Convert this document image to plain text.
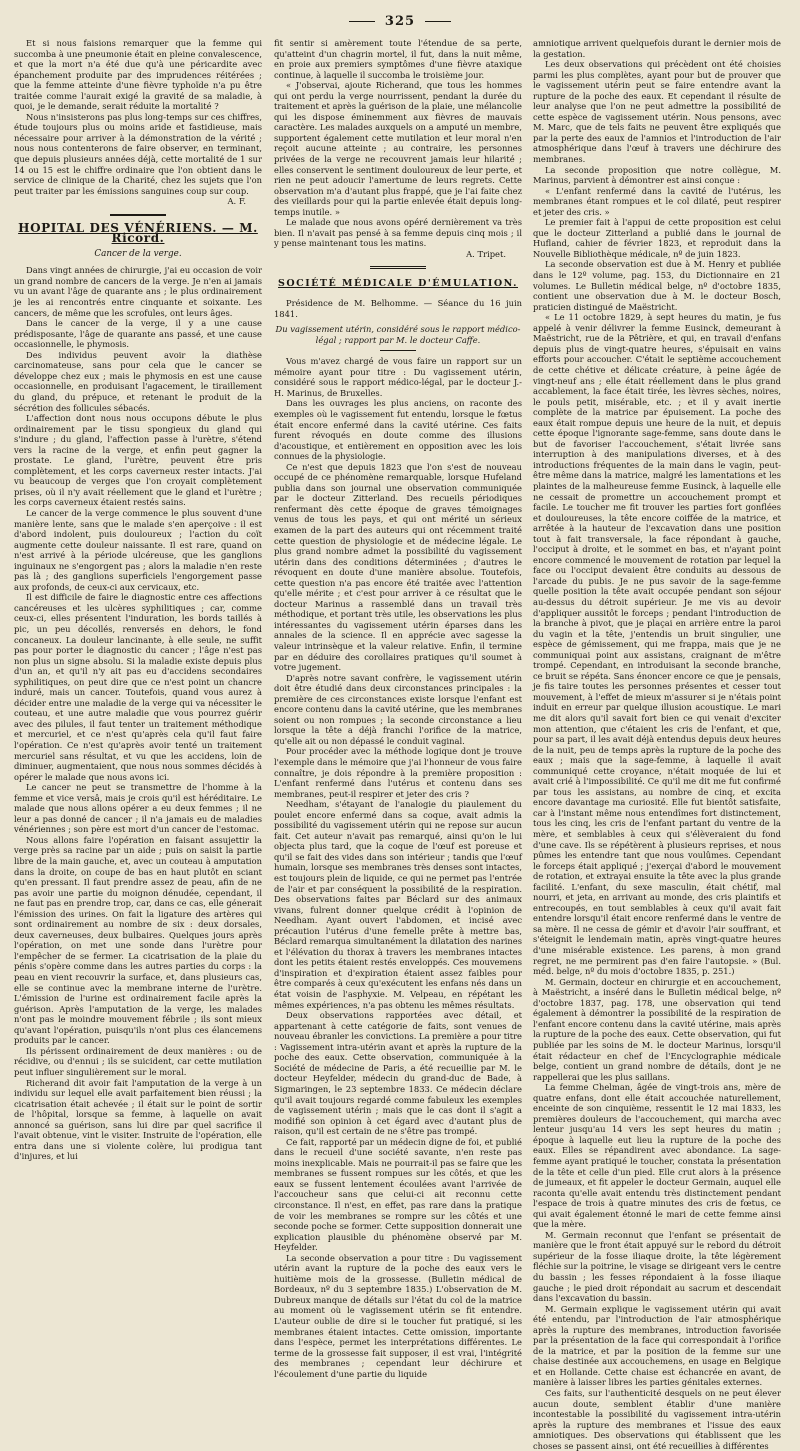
325

Et si nous faisions remarquer que la femme qui succomba à une pneumonie était en pleine convalescence, et que la mort n'a été due qu'à une péricardite avec épanchement produite par des imprudences réitérées ; que la femme atteinte d'une fièvre typhoïde n'a pu être traitée comme l'aurait exigé la gravité de sa maladie, à quoi, je le demande, serait réduite la mortalité ?

Nous n'insisterons pas plus long-temps sur ces chiffres, étude toujours plus ou moins aride et fastidieuse, mais nécessaire pour arriver à la démonstration de la vérité ; nous nous contenterons de faire observer, en terminant, que depuis plusieurs années déjà, cette mortalité de 1 sur 14 ou 15 est le chiffre ordinaire que l'on obtient dans le service de clinique de la Charité, chez les sujets que l'on peut traiter par les émissions sanguines coup sur coup.

A. F.

HOPITAL DES VÉNÉRIENS. — M. Ricord.
Cancer de la verge.

Dans vingt années de chirurgie, j'ai eu occasion de voir un grand nombre de cancers de la verge. Je n'en ai jamais vu un avant l'âge de quarante ans ; le plus ordinairement je les ai rencontrés entre cinquante et soixante. Les cancers, de même que les scrofules, ont leurs âges.

Dans le cancer de la verge, il y a une cause prédisposante, l'âge de quarante ans passé, et une cause occasionnelle, le phymosis.

Des individus peuvent avoir la diathèse carcinomateuse, sans pour cela que le cancer se développe chez eux ; mais le phymosis en est une cause occasionnelle, en produisant l'agacement, le tiraillement du gland, du prépuce, et retenant le produit de la sécrétion des follicules sébacés.

L'affection dont nous nous occupons débute le plus ordinairement par le tissu spongieux du gland qui s'indure ; du gland, l'affection passe à l'urètre, s'étend vers la racine de la verge, et enfin peut gagner la prostate. Le gland, l'urètre, peuvent être pris complètement, et les corps caverneux rester intacts. J'ai vu beaucoup de verges que l'on croyait complètement prises, où il n'y avait réellement que le gland et l'urètre ; les corps caverneux étaient restés sains.

Le cancer de la verge commence le plus souvent d'une manière lente, sans que le malade s'en aperçoive : il est d'abord indolent, puis douloureux ; l'action du coït augmente cette douleur naissante. Il est rare, quand on n'est arrivé à la période ulcéreuse, que les ganglions inguinaux ne s'engorgent pas ; alors la maladie n'en reste pas là ; des ganglions superficiels l'engorgement passe aux profonds, de ceux-ci aux cervicaux, etc.

Il est difficile de faire le diagnostic entre ces affections cancéreuses et les ulcères syphilitiques ; car, comme ceux-ci, elles présentent l'induration, les bords taillés à pic, un peu décollés, renversés en dehors, le fond concaneux. La douleur lancinante, à elle seule, ne suffit pas pour porter le diagnostic du cancer ; l'âge n'est pas non plus un signe absolu. Si la maladie existe depuis plus d'un an, et qu'il n'y ait pas eu d'accidens secondaires syphilitiques, on peut dire que ce n'est point un chancre induré, mais un cancer. Toutefois, quand vous aurez à décider entre une maladie de la verge qui va nécessiter le couteau, et une autre maladie que vous pourrez guérir avec des pilules, il faut tenter un traitement méthodique et mercuriel, et ce n'est qu'après cela qu'il faut faire l'opération. Ce n'est qu'après avoir tenté un traitement mercuriel sans résultat, et vu que les accidens, loin de diminuer, augmentaient, que nous nous sommes décidés à opérer le malade que nous avons ici.

Le cancer ne peut se transmettre de l'homme à la femme et vice versâ, mais je crois qu'il est héréditaire. Le malade que nous allons opérer a eu deux femmes ; il ne leur a pas donné de cancer ; il n'a jamais eu de maladies vénériennes ; son père est mort d'un cancer de l'estomac.

Nous allons faire l'opération en faisant assujettir la verge près sa racine par un aide ; puis on saisit la partie libre de la main gauche, et, avec un couteau à amputation dans la droite, on coupe de bas en haut plutôt en sciant qu'en pressant. Il faut prendre assez de peau, afin de ne pas avoir une partie du moignon dénudée, cependant, il ne faut pas en prendre trop, car, dans ce cas, elle génerait l'émission des urines. On fait la ligature des artères qui sont ordinairement au nombre de six : deux dorsales, deux caverneuses, deux bulbaires. Quelques jours après l'opération, on met une sonde dans l'urètre pour l'empêcher de se fermer. La cicatrisation de la plaie du pénis s'opère comme dans les autres parties du corps : la peau en vient recouvrir la surface, et, dans plusieurs cas, elle se continue avec la membrane interne de l'urètre. L'émission de l'urine est ordinairement facile après la guérison. Après l'amputation de la verge, les malades n'ont pas le moindre mouvement fébrile ; ils sont mieux qu'avant l'opération, puisqu'ils n'ont plus ces élancemens produits par le cancer.

Ils périssent ordinairement de deux manières : ou de récidive, ou d'ennui ; ils se suicident, car cette mutilation peut influer singulièrement sur le moral.

Richerand dit avoir fait l'amputation de la verge à un individu sur lequel elle avait parfaitement bien réussi ; la cicatrisation était achevée ; il était sur le point de sortir de l'hôpital, lorsque sa femme, à laquelle on avait annoncé sa guérison, sans lui dire par quel sacrifice il l'avait obtenue, vint le visiter. Instruite de l'opération, elle entra dans une si violente colère, lui prodigua tant d'injures, et lui

fit sentir si amèrement toute l'étendue de sa perte, qu'atteint d'un chagrin mortel, il fut, dans la nuit même, en proie aux premiers symptômes d'une fièvre ataxique continue, à laquelle il succomba le troisième jour.

« J'observai, ajoute Richerand, que tous les hommes qui ont perdu la verge nourrissent, pendant la durée du traitement et après la guérison de la plaie, une mélancolie qui les dispose éminemment aux fièvres de mauvais caractère. Les malades auxquels on a amputé un membre, supportent également cette mutilation et leur moral n'en reçoit aucune atteinte ; au contraire, les personnes privées de la verge ne recouvrent jamais leur hilarité ; elles conservent le sentiment douloureux de leur perte, et rien ne peut adoucir l'amertume de leurs regrets. Cette observation m'a d'autant plus frappé, que je l'ai faite chez des vieillards pour qui la partie enlevée était depuis long-temps inutile. »

Le malade que nous avons opéré dernièrement va très bien. Il n'avait pas pensé à sa femme depuis cinq mois ; il y pense maintenant tous les matins.

A. Tripet.

SOCIÉTÉ MÉDICALE D'ÉMULATION.

Présidence de M. Belhomme. — Séance du 16 juin 1841.

Du vagissement utérin, considéré sous le rapport médico-légal ; rapport par M. le docteur Caffe.

Vous m'avez chargé de vous faire un rapport sur un mémoire ayant pour titre : Du vagissement utérin, considéré sous le rapport médico-légal, par le docteur J.-H. Marinus, de Bruxelles.

Dans les ouvrages les plus anciens, on raconte des exemples où le vagissement fut entendu, lorsque le fœtus était encore enfermé dans la cavité utérine. Ces faits furent révoqués en doute comme des illusions d'acoustique, et entièrement en opposition avec les lois connues de la physiologie.

Ce n'est que depuis 1823 que l'on s'est de nouveau occupé de ce phénomène remarquable, lorsque Hufeland publia dans son journal une observation communiquée par le docteur Zitterland. Des recueils périodiques renfermant dès cette époque de graves témoignages venus de tous les pays, et qui ont mérité un sérieux examen de la part des auteurs qui ont récemment traité cette question de physiologie et de médecine légale. Le plus grand nombre admet la possibilité du vagissement utérin dans des conditions déterminées ; d'autres le révoquent en doute d'une manière absolue. Toutefois, cette question n'a pas encore été traitée avec l'attention qu'elle mérite ; et c'est pour arriver à ce résultat que le docteur Marinus a rassemblé dans un travail très méthodique, et portant très utile, les observations les plus intéressantes du vagissement utérin éparses dans les annales de la science. Il en apprécie avec sagesse la valeur intrinsèque et la valeur relative. Enfin, il termine par en déduire des corollaires pratiques qu'il soumet à votre jugement.

D'après notre savant confrère, le vagissement utérin doit être étudié dans deux circonstances principales : la première de ces circonstances existe lorsque l'enfant est encore contenu dans la cavité utérine, que les membranes soient ou non rompues ; la seconde circonstance a lieu lorsque la tête a déjà franchi l'orifice de la matrice, qu'elle ait ou non dépassé le conduit vaginal.

Pour procéder avec la méthode logique dont je trouve l'exemple dans le mémoire que j'ai l'honneur de vous faire connaître, je dois répondre à la première proposition : L'enfant renfermé dans l'utérus et contenu dans ses membranes, peut-il respirer et jeter des cris ?

Needham, s'étayant de l'analogie du piaulement du poulet encore enfermé dans sa coque, avait admis la possibilité du vagissement utérin qui ne repose sur aucun fait. Cet auteur n'avait pas remarqué, ainsi qu'on le lui objecta plus tard, que la coque de l'œuf est poreuse et qu'il se fait des vides dans son intérieur ; tandis que l'œuf humain, lorsque ses membranes très denses sont intactes, est toujours plein de liquide, ce qui ne permet pas l'entrée de l'air et par conséquent la possibilité de la respiration. Des observations faites par Béclard sur des animaux vivans, fulrent donner quelque crédit à l'opinion de Needham. Ayant ouvert l'abdomen, et incisé avec précaution l'utérus d'une femelle prête à mettre bas, Béclard remarqua simultanément la dilatation des narines et l'élévation du thorax à travers les membranes intactes dont les petits étaient restés enveloppés. Ces mouvemens d'inspiration et d'expiration étaient assez faibles pour être comparés à ceux qu'exécutent les enfans nés dans un état voisin de l'asphyxie. M. Velpeau, en répétant les mêmes expériences, n'a pas obtenu les mêmes résultats.

Deux observations rapportées avec détail, et appartenant à cette catégorie de faits, sont venues de nouveau ébranler les convictions. La première a pour titre : Vagissement intra-utérin avant et après la rupture de la poche des eaux. Cette observation, communiquée à la Société de médecine de Paris, a été recueillie par M. le docteur Heyfelder, médecin du grand-duc de Bade, à Sigmaringen, le 23 septembre 1833. Ce médecin déclare qu'il avait toujours regardé comme fabuleux les exemples de vagissement utérin ; mais que le cas dont il s'agit a modifié son opinion à cet égard avec d'autant plus de raison, qu'il est certain de ne s'être pas trompé.

Ce fait, rapporté par un médecin digne de foi, et publié dans le recueil d'une société savante, n'en reste pas moins inexplicable. Mais ne pourrait-il pas se faire que les membranes se fussent rompues sur les côtés, et que les eaux se fussent lentement écoulées avant l'arrivée de l'accoucheur sans que celui-ci ait reconnu cette circonstance. Il n'est, en effet, pas rare dans la pratique de voir les membranes se rompre sur les côtés et une seconde poche se former. Cette supposition donnerait une explication plausible du phénomène observé par M. Heyfelder.

La seconde observation a pour titre : Du vagissement utérin avant la rupture de la poche des eaux vers le huitième mois de la grossesse. (Bulletin médical de Bordeaux, nº du 3 septembre 1835.) L'observation de M. Dubreux manque de détails sur l'état du col de la matrice au moment où le vagissement utérin se fit entendre. L'auteur oublie de dire si le toucher fut pratiqué, si les membranes étaient intactes. Cette omission, importante dans l'espèce, permet les interprétations différentes. Le terme de la grossesse fait supposer, il est vrai, l'intégrité des membranes ; cependant leur déchirure et l'écoulement d'une partie du liquide

amniotique arrivent quelquefois durant le dernier mois de la gestation.

Les deux observations qui précèdent ont été choisies parmi les plus complètes, ayant pour but de prouver que le vagissement utérin peut se faire entendre avant la rupture de la poche des eaux. Et cependant il résulte de leur analyse que l'on ne peut admettre la possibilité de cette espèce de vagissement utérin. Nous pensons, avec M. Marc, que de tels faits ne peuvent être expliqués que par la perte des eaux de l'amnios et l'introduction de l'air atmosphérique dans l'œuf à travers une déchirure des membranes.

La seconde proposition que notre collègue, M. Marinus, parvient à démontrer est ainsi conçue :

« L'enfant renfermé dans la cavité de l'utérus, les membranes étant rompues et le col dilaté, peut respirer et jeter des cris. »

Le premier fait à l'appui de cette proposition est celui que le docteur Zitterland a publié dans le journal de Hufland, cahier de février 1823, et reproduit dans la Nouvelle Bibliothèque médicale, nº de juin 1823.

La seconde observation est due à M. Henry et publiée dans le 12º volume, pag. 153, du Dictionnaire en 21 volumes. Le Bulletin médical belge, nº d'octobre 1835, contient une observation due à M. le docteur Bosch, praticien distingué de Maëstricht.

« Le 11 octobre 1829, à sept heures du matin, je fus appelé à venir délivrer la femme Eusinck, demeurant à Maëstricht, rue de la Pêtrière, et qui, en travail d'enfans depuis plus de vingt-quatre heures, s'épuisait en vains efforts pour accoucher. C'était le septième accouchement de cette chétive et délicate créature, à peine âgée de vingt-neuf ans ; elle était réellement dans le plus grand accablement, la face était tirée, les lèvres sèches, noires, le pouls petit, misérable, etc. ; et il y avait inertie complète de la matrice par épuisement. La poche des eaux était rompue depuis une heure de la nuit, et depuis cette époque l'ignorante sage-femme, sans doute dans le but de favoriser l'accouchement, s'était livrée sans interruption à des manipulations diverses, et à des introductions fréquentes de la main dans le vagin, peut-être même dans la matrice, malgré les lamentations et les plaintes de la malheureuse femme Eusinck, à laquelle elle ne cessait de promettre un accouchement prompt et facile. Le toucher me fit trouver les parties fort gonflées et douloureuses, la tête encore coiffée de la matrice, et arrêtée à la hauteur de l'excavation dans une position tout à fait transversale, la face répondant à gauche, l'occiput à droite, et le sommet en bas, et n'ayant point encore commencé le mouvement de rotation par lequel la face ou l'occiput devaient être conduits au dessous de l'arcade du pubis. Je ne pus savoir de la sage-femme quelle position la tête avait occupée pendant son séjour au-dessus du détroit supérieur. Je me vis au devoir d'appliquer aussitôt le forceps ; pendant l'introduction de la branche à pivot, que je plaçai en arrière entre la paroi du vagin et la tête, j'entendis un bruit singulier, une espèce de gémissement, qui me frappa, mais que je ne communiquai point aux assistans, craignant de m'être trompé. Cependant, en introduisant la seconde branche, ce bruit se répéta. Sans énoncer encore ce que je pensais, je fis taire toutes les personnes présentes et cesser tout mouvement, à l'effet de mieux m'assurer si je n'étais point induit en erreur par quelque illusion acoustique. Le mari me dit alors qu'il savait fort bien ce qui venait d'exciter mon attention, que c'étaient les cris de l'enfant, et que, pour sa part, il les avait déjà entendus depuis deux heures de la nuit, peu de temps après la rupture de la poche des eaux ; mais que la sage-femme, à laquelle il avait communiqué cette croyance, n'était moquée de lui et avait crié à l'impossibilité. Ce qu'il me dit me fut confirmé par tous les assistans, au nombre de cinq, et excita encore davantage ma curiosité. Elle fut bientôt satisfaite, car à l'instant même nous entendîmes fort distinctement, tous les cinq, les cris de l'enfant partant du ventre de la mère, et semblables à ceux qui s'élèveraient du fond d'une cave. Ils se répétèrent à plusieurs reprises, et nous pûmes les entendre tant que nous voulûmes. Cependant le forceps était appliqué ; j'exerçai d'abord le mouvement de rotation, et extrayai ensuite la tête avec la plus grande facilité. L'enfant, du sexe masculin, était chétif, mal nourri, et jeta, en arrivant au monde, des cris plaintifs et entrecoupés, en tout semblables à ceux qu'il avait fait entendre lorsqu'il était encore renfermé dans le ventre de sa mère. Il ne cessa de gémir et d'avoir l'air souffrant, et s'éteignit le lendemain matin, après vingt-quatre heures d'une misérable existence. Les parens, à mon grand regret, ne me permirent pas d'en faire l'autopsie. » (Bul. méd. belge, nº du mois d'octobre 1835, p. 251.)

M. Germain, docteur en chirurgie et en accouchement, à Maëstricht, a inséré dans le Bulletin médical belge, nº d'octobre 1837, pag. 178, une observation qui tend également à démontrer la possibilité de la respiration de l'enfant encore contenu dans la cavité utérine, mais après la rupture de la poche des eaux. Cette observation, qui fut publiée par les soins de M. le docteur Marinus, lorsqu'il était rédacteur en chef de l'Encyclographie médicale belge, contient un grand nombre de détails, dont je ne rappellerai que les plus saillans.

La femme Chelman, âgée de vingt-trois ans, mère de quatre enfans, dont elle était accouchée naturellement, enceinte de son cinquième, ressentit le 12 mai 1833, les premières douleurs de l'accouchement, qui marcha avec lenteur jusqu'au 14 vers les sept heures du matin ; époque à laquelle eut lieu la rupture de la poche des eaux. Elles se répandirent avec abondance. La sage-femme ayant pratiqué le toucher, constata la présentation de la tête et celle d'un pied. Elle crut alors à la présence de jumeaux, et fit appeler le docteur Germain, auquel elle raconta qu'elle avait entendu très distinctement pendant l'espace de trois à quatre minutes des cris de fœtus, ce qui avait également étonné le mari de cette femme ainsi que la mère.

M. Germain reconnut que l'enfant se présentait de manière que le front était appuyé sur le rebord du détroit supérieur de la fosse iliaque droite, la tête légèrement fléchie sur la poitrine, le visage se dirigeant vers le centre du bassin ; les fesses répondaient à la fosse iliaque gauche ; le pied droit répondait au sacrum et descendait dans l'excavation du bassin.

M. Germain explique le vagissement utérin qui avait été entendu, par l'introduction de l'air atmosphérique après la rupture des membranes, introduction favorisée par la présentation de la face qui correspondait à l'orifice de la matrice, et par la position de la femme sur une chaise destinée aux accouchemens, en usage en Belgique et en Hollande. Cette chaise est échancrée en avant, de manière à laisser libres les parties génitales externes.

Ces faits, sur l'authenticité desquels on ne peut élever aucun doute, semblent établir d'une manière incontestable la possibilité du vagissement intra-utérin après la rupture des membranes et l'issue des eaux amniotiques. Des observations qui établissent que les choses se passent ainsi, ont été recueillies à différentes
